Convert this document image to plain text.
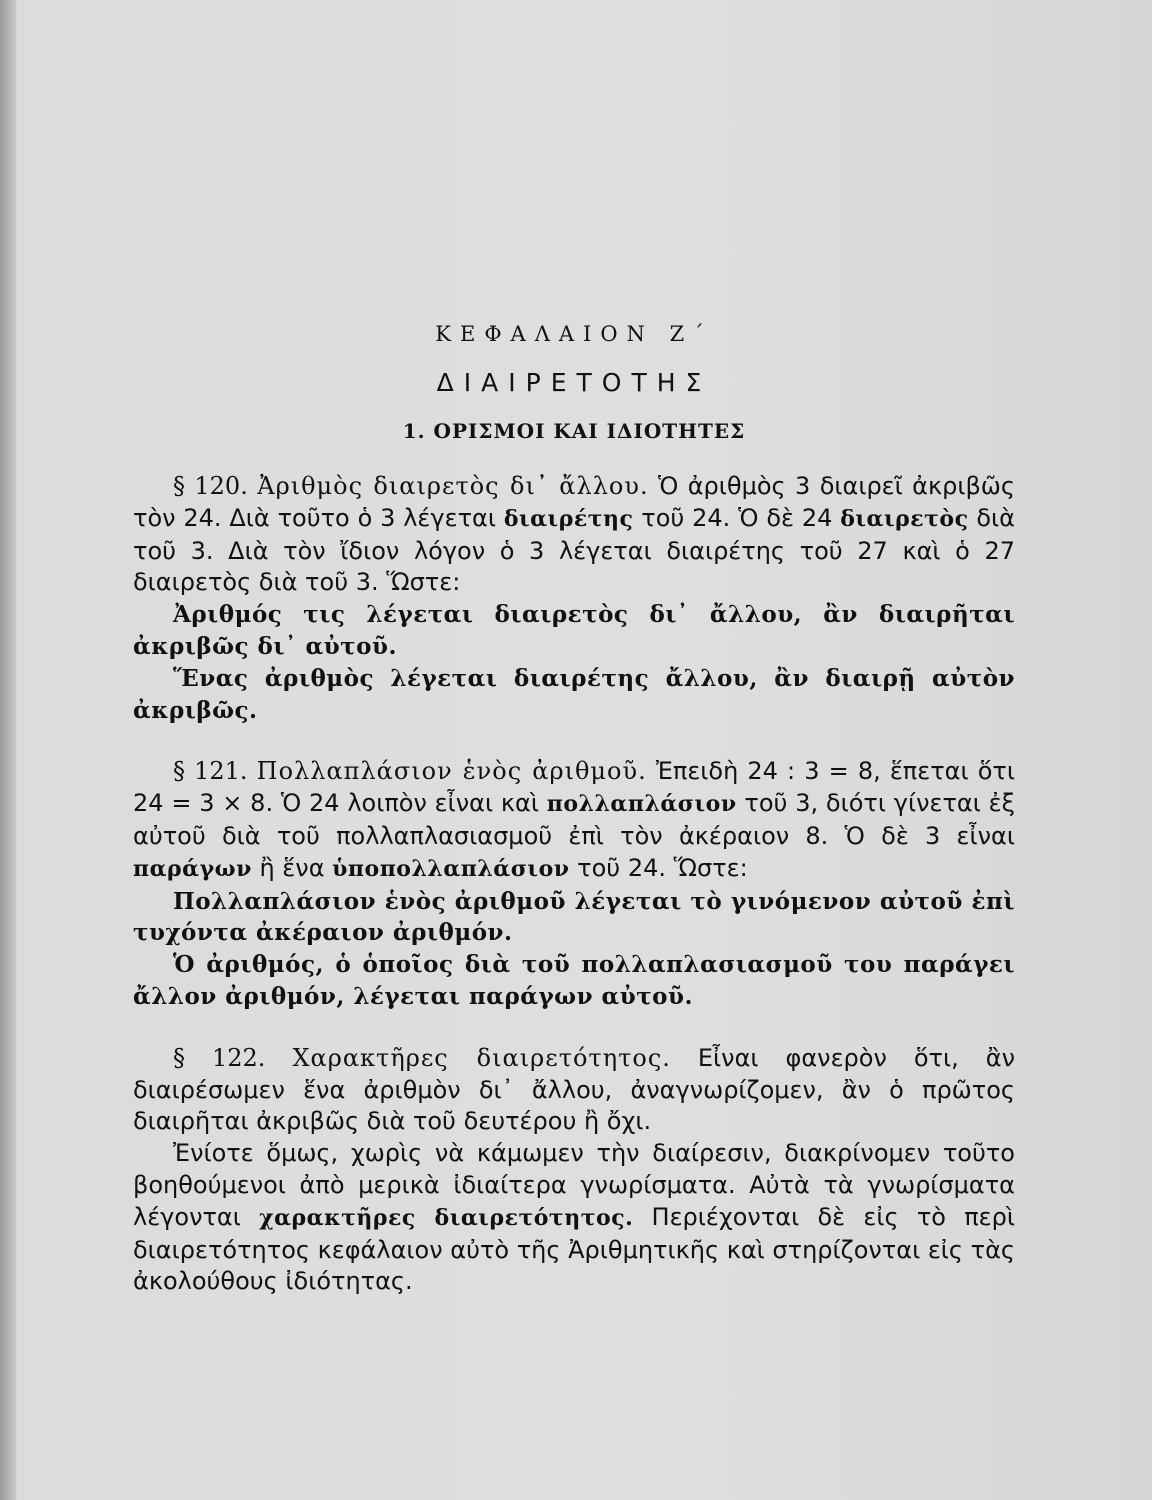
ΚΕΦΑΛΑΙΟΝ Ζ΄
ΔΙΑΙΡΕΤΟΤΗΣ
1. ΟΡΙΣΜΟΙ ΚΑΙ ΙΔΙΟΤΗΤΕΣ

§ 120. Ἀριθμὸς διαιρετὸς δι᾿ ἄλλου. Ὁ ἀριθμὸς 3 διαιρεῖ ἀκριβῶς τὸν 24. Διὰ τοῦτο ὁ 3 λέγεται διαιρέτης τοῦ 24. Ὁ δὲ 24 διαιρετὸς διὰ τοῦ 3. Διὰ τὸν ἴδιον λόγον ὁ 3 λέγεται διαιρέτης τοῦ 27 καὶ ὁ 27 διαιρετὸς διὰ τοῦ 3. Ὥστε:

Ἀριθμός τις λέγεται διαιρετὸς δι᾿ ἄλλου, ἂν διαιρῆται ἀκριβῶς δι᾿ αὐτοῦ.

Ἕνας ἀριθμὸς λέγεται διαιρέτης ἄλλου, ἂν διαιρῇ αὐτὸν ἀκριβῶς.

§ 121. Πολλαπλάσιον ἑνὸς ἀριθμοῦ. Ἐπειδὴ 24 : 3 = 8, ἕπεται ὅτι 24 = 3 × 8. Ὁ 24 λοιπὸν εἶναι καὶ πολλαπλάσιον τοῦ 3, διότι γίνεται ἐξ αὐτοῦ διὰ τοῦ πολλαπλασιασμοῦ ἐπὶ τὸν ἀκέραιον 8. Ὁ δὲ 3 εἶναι παράγων ἢ ἕνα ὑποπολλαπλάσιον τοῦ 24. Ὥστε:

Πολλαπλάσιον ἑνὸς ἀριθμοῦ λέγεται τὸ γινόμενον αὐτοῦ ἐπὶ τυχόντα ἀκέραιον ἀριθμόν.

Ὁ ἀριθμός, ὁ ὁποῖος διὰ τοῦ πολλαπλασιασμοῦ του παράγει ἄλλον ἀριθμόν, λέγεται παράγων αὐτοῦ.

§ 122. Χαρακτῆρες διαιρετότητος. Εἶναι φανερὸν ὅτι, ἂν διαιρέσωμεν ἕνα ἀριθμὸν δι᾿ ἄλλου, ἀναγνωρίζομεν, ἂν ὁ πρῶτος διαιρῆται ἀκριβῶς διὰ τοῦ δευτέρου ἢ ὄχι.

Ἐνίοτε ὅμως, χωρὶς νὰ κάμωμεν τὴν διαίρεσιν, διακρίνομεν τοῦτο βοηθούμενοι ἀπὸ μερικὰ ἰδιαίτερα γνωρίσματα. Αὐτὰ τὰ γνωρίσματα λέγονται χαρακτῆρες διαιρετότητος. Περιέχονται δὲ εἰς τὸ περὶ διαιρετότητος κεφάλαιον αὐτὸ τῆς Ἀριθμητικῆς καὶ στηρίζονται εἰς τὰς ἀκολούθους ἰδιότητας.
